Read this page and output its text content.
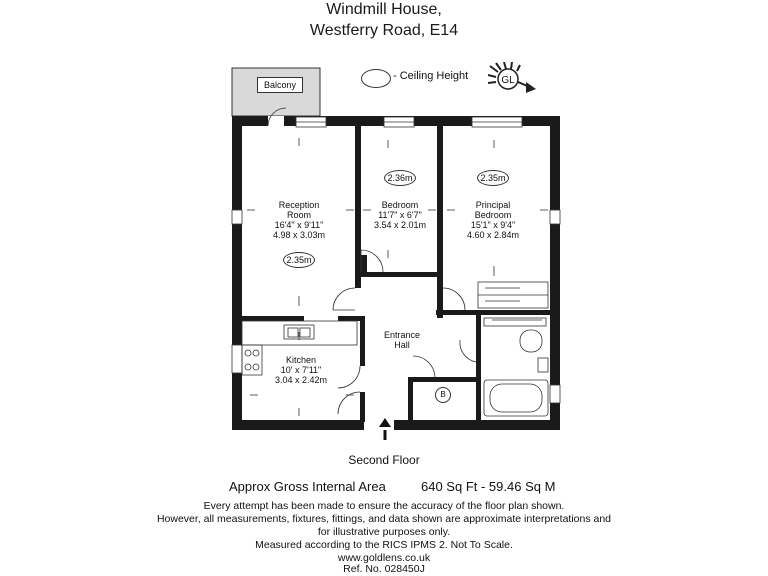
Windmill House,
Westferry Road, E14
- Ceiling Height	GL
Balcony
Reception
Room
16'4" x 9'11"
4.98 x 3.03m
2.35m
2.36m
Bedroom
11'7" x 6'7"
3.54 x 2.01m
2.35m
Principal
Bedroom
15'1" x 9'4"
4.60 x 2.84m
Kitchen
10' x 7'11"
3.04 x 2.42m
Entrance
Hall
B
Second Floor
Approx Gross Internal Area	640 Sq Ft - 59.46 Sq M
Every attempt has been made to ensure the accuracy of the floor plan shown.
However, all measurements, fixtures, fittings, and data shown are approximate interpretations and
for illustrative purposes only.
Measured according to the RICS IPMS 2. Not To Scale.
www.goldlens.co.uk
Ref. No. 028450J
